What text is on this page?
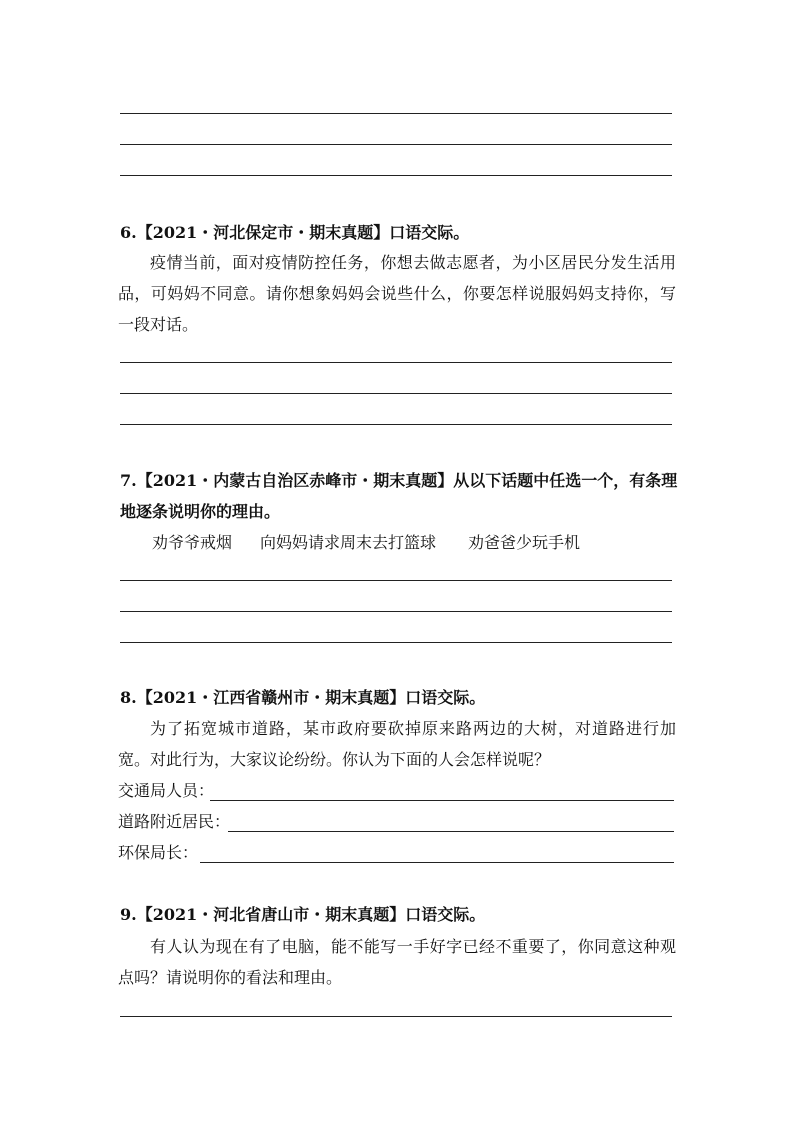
6.【2021・河北保定市・期末真题】口语交际。
疫情当前，面对疫情防控任务，你想去做志愿者，为小区居民分发生活用品，可妈妈不同意。请你想象妈妈会说些什么，你要怎样说服妈妈支持你，写一段对话。
7.【2021・内蒙古自治区赤峰市・期末真题】从以下话题中任选一个，有条理
地逐条说明你的理由。
劝爷爷戒烟 向妈妈请求周末去打篮球 劝爸爸少玩手机
8.【2021・江西省赣州市・期末真题】口语交际。
为了拓宽城市道路，某市政府要砍掉原来路两边的大树，对道路进行加宽。对此行为，大家议论纷纷。你认为下面的人会怎样说呢？
交通局人员：
道路附近居民：
环保局长：
9.【2021・河北省唐山市・期末真题】口语交际。
有人认为现在有了电脑，能不能写一手好字已经不重要了，你同意这种观点吗？请说明你的看法和理由。
